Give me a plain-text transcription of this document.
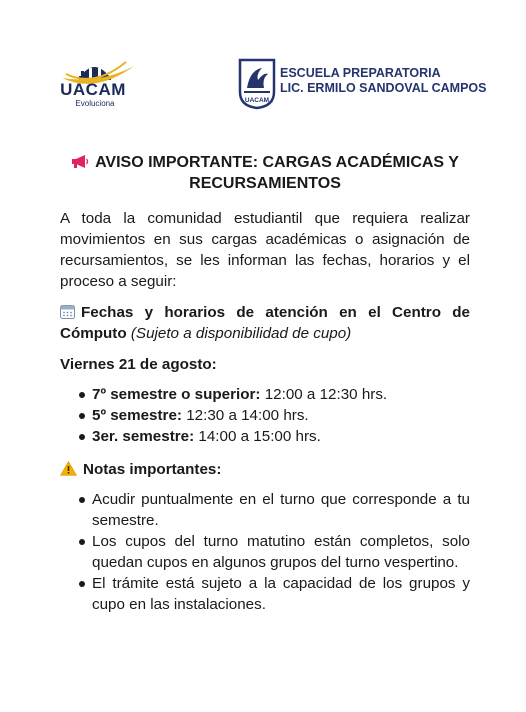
UACAM
Evoluciona	UACAM
ESCUELA PREPARATORIA
LIC. ERMILO SANDOVAL CAMPOS
AVISO IMPORTANTE: CARGAS ACADÉMICAS Y
RECURSAMIENTOS

A toda la comunidad estudiantil que requiera realizar movimientos en sus cargas académicas o asignación de recursamientos, se les informan las fechas, horarios y el proceso a seguir:

Fechas y horarios de atención en el Centro de Cómputo (Sujeto a disponibilidad de cupo)
Viernes 21 de agosto:
7º semestre o superior: 12:00 a 12:30 hrs.
5º semestre: 12:30 a 14:00 hrs.
3er. semestre: 14:00 a 15:00 hrs.
Notas importantes:
Acudir puntualmente en el turno que corresponde a tu semestre.
Los cupos del turno matutino están completos, solo quedan cupos en algunos grupos del turno vespertino.
El trámite está sujeto a la capacidad de los grupos y cupo en las instalaciones.
